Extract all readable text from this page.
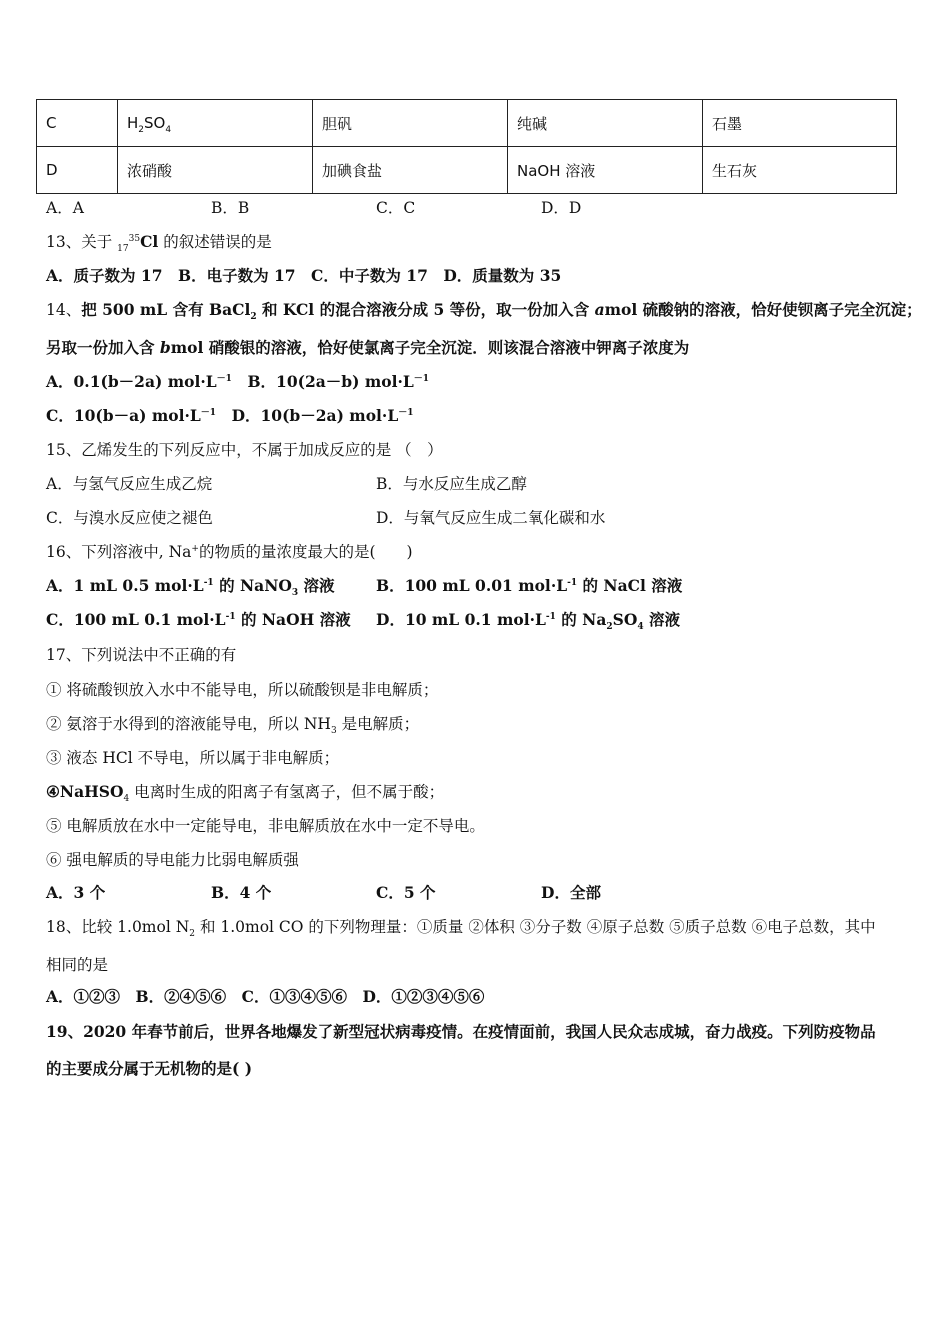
C	$H_2SO_4$	胆矾	纯碱	石墨
D	浓硝酸	加碘食盐	NaOH 溶液	生石灰
A．A	B．B	C．C	D．D
13、关于 $_{17}^{35}$Cl 的叙述错误的是
A．质子数为 17　B．电子数为 17　C．中子数为 17　D．质量数为 35
14、把 500 mL 含有 BaCl$_2$ 和 KCl 的混合溶液分成 5 等份，取一份加入含 amol 硫酸钠的溶液，恰好使钡离子完全沉淀；
另取一份加入含 bmol 硝酸银的溶液，恰好使氯离子完全沉淀．则该混合溶液中钾离子浓度为
A．0.1(b－2a) $mol\cdot L^{-1}$　 B．10(2a－b) $mol\cdot L^{-1}$
C．10(b－a) $mol\cdot L^{-1}$　 D．10(b－2a) $mol\cdot L^{-1}$
15、乙烯发生的下列反应中，不属于加成反应的是 （　）
A．与氢气反应生成乙烷	B．与水反应生成乙醇
C．与溴水反应使之褪色	D．与氧气反应生成二氧化碳和水
16、下列溶液中, Na+的物质的量浓度最大的是(　　)
A．1 mL 0.5 $mol\cdot L^{-1}$ 的 NaNO$_3$ 溶液	B．100 mL 0.01 $mol\cdot L^{-1}$ 的 NaCl 溶液
C．100 mL 0.1 $mol\cdot L^{-1}$ 的 NaOH 溶液 D．10 mL 0.1 $mol\cdot L^{-1}$ 的 $Na_2SO_4$ 溶液
17、下列说法中不正确的有
① 将硫酸钡放入水中不能导电，所以硫酸钡是非电解质；
② 氨溶于水得到的溶液能导电，所以 $NH_3$ 是电解质；
③ 液态 HCl 不导电，所以属于非电解质；
④NaHSO$_4$ 电离时生成的阳离子有氢离子，但不属于酸；
⑤ 电解质放在水中一定能导电，非电解质放在水中一定不导电。
⑥ 强电解质的导电能力比弱电解质强
A．3 个	B．4 个	C．5 个	D．全部
18、比较 1.0mol $N_2$ 和 1.0mol CO 的下列物理量：①质量 ②体积 ③分子数 ④原子总数 ⑤质子总数 ⑥电子总数，其中
相同的是
A．①②③　B．②④⑤⑥　C．①③④⑤⑥　D．①②③④⑤⑥
19、2020 年春节前后，世界各地爆发了新型冠状病毒疫情。在疫情面前，我国人民众志成城，奋力战疫。下列防疫物品
的主要成分属于无机物的是( )
